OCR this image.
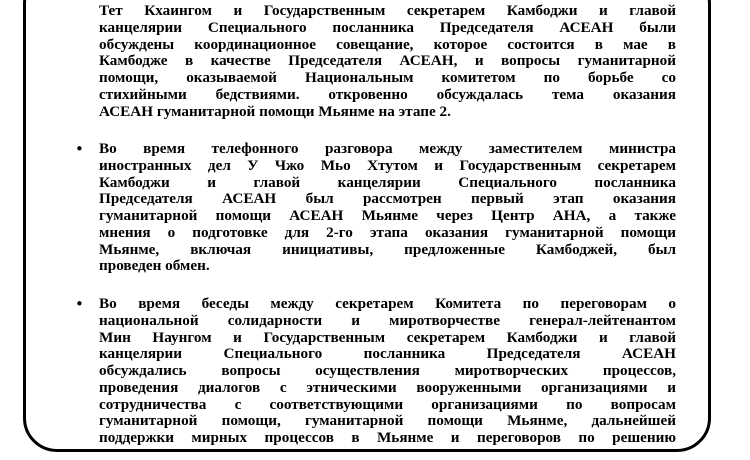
Тет Кхаингом и Государственным секретарем Камбоджи и главой
канцелярии Специального посланника Председателя АСЕАН были
обсуждены координационное совещание, которое состоится в мае в
Камбодже в качестве Председателя АСЕАН, и вопросы гуманитарной
помощи, оказываемой Национальным комитетом по борьбе со
стихийными бедствиями. откровенно обсуждалась тема оказания
АСЕАН гуманитарной помощи Мьянме на этапе 2.
• Во время телефонного разговора между заместителем министра
иностранных дел У Чжо Мьо Хтутом и Государственным секретарем
Камбоджи и главой канцелярии Специального посланника
Председателя АСЕАН был рассмотрен первый этап оказания
гуманитарной помощи АСЕАН Мьянме через Центр АНА, а также
мнения о подготовке для 2-го этапа оказания гуманитарной помощи
Мьянме, включая инициативы, предложенные Камбоджей, был
проведен обмен.
• Во время беседы между секретарем Комитета по переговорам о
национальной солидарности и миротворчестве генерал-лейтенантом
Мин Наунгом и Государственным секретарем Камбоджи и главой
канцелярии Специального посланника Председателя АСЕАН
обсуждались вопросы осуществления миротворческих процессов,
проведения диалогов с этническими вооруженными организациями и
сотрудничества с соответствующими организациями по вопросам
гуманитарной помощи, гуманитарной помощи Мьянме, дальнейшей
поддержки мирных процессов в Мьянме и переговоров по решению
